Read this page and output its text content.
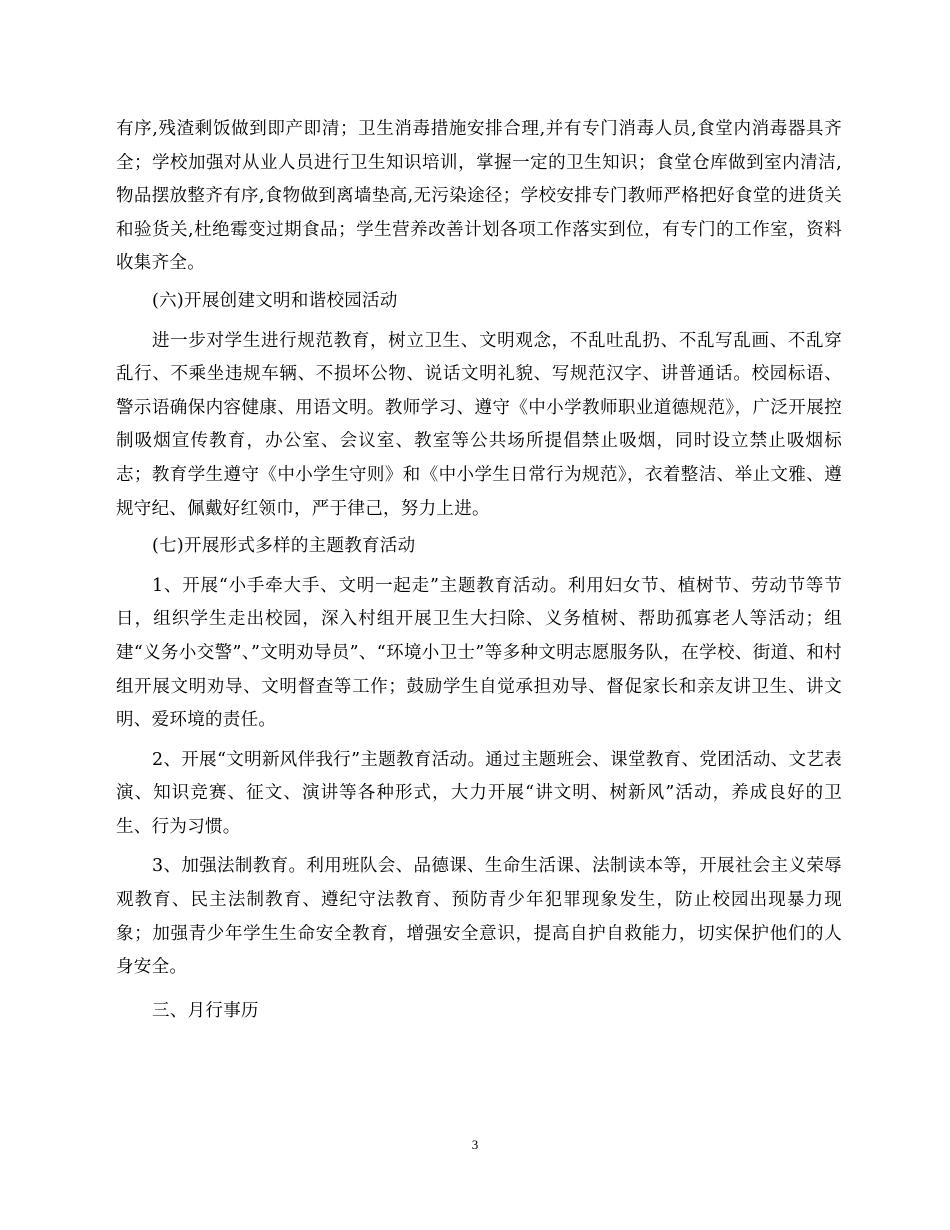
有序,残渣剩饭做到即产即清；卫生消毒措施安排合理,并有专门消毒人员,食堂内消毒器具齐全；学校加强对从业人员进行卫生知识培训，掌握一定的卫生知识；食堂仓库做到室内清洁,物品摆放整齐有序,食物做到离墙垫高,无污染途径；学校安排专门教师严格把好食堂的进货关和验货关,杜绝霉变过期食品；学生营养改善计划各项工作落实到位，有专门的工作室，资料收集齐全。

(六)开展创建文明和谐校园活动

进一步对学生进行规范教育，树立卫生、文明观念，不乱吐乱扔、不乱写乱画、不乱穿乱行、不乘坐违规车辆、不损坏公物、说话文明礼貌、写规范汉字、讲普通话。校园标语、警示语确保内容健康、用语文明。教师学习、遵守《中小学教师职业道德规范》，广泛开展控制吸烟宣传教育，办公室、会议室、教室等公共场所提倡禁止吸烟，同时设立禁止吸烟标志；教育学生遵守《中小学生守则》和《中小学生日常行为规范》，衣着整洁、举止文雅、遵规守纪、佩戴好红领巾，严于律己，努力上进。

(七)开展形式多样的主题教育活动

1、开展“小手牵大手、文明一起走”主题教育活动。利用妇女节、植树节、劳动节等节日，组织学生走出校园，深入村组开展卫生大扫除、义务植树、帮助孤寡老人等活动；组建“义务小交警”、”文明劝导员”、“环境小卫士”等多种文明志愿服务队，在学校、街道、和村组开展文明劝导、文明督查等工作；鼓励学生自觉承担劝导、督促家长和亲友讲卫生、讲文明、爱环境的责任。

2、开展“文明新风伴我行”主题教育活动。通过主题班会、课堂教育、党团活动、文艺表演、知识竞赛、征文、演讲等各种形式，大力开展“讲文明、树新风”活动，养成良好的卫生、行为习惯。

3、加强法制教育。利用班队会、品德课、生命生活课、法制读本等，开展社会主义荣辱观教育、民主法制教育、遵纪守法教育、预防青少年犯罪现象发生，防止校园出现暴力现象；加强青少年学生生命安全教育，增强安全意识，提高自护自救能力，切实保护他们的人身安全。

三、月行事历

3
